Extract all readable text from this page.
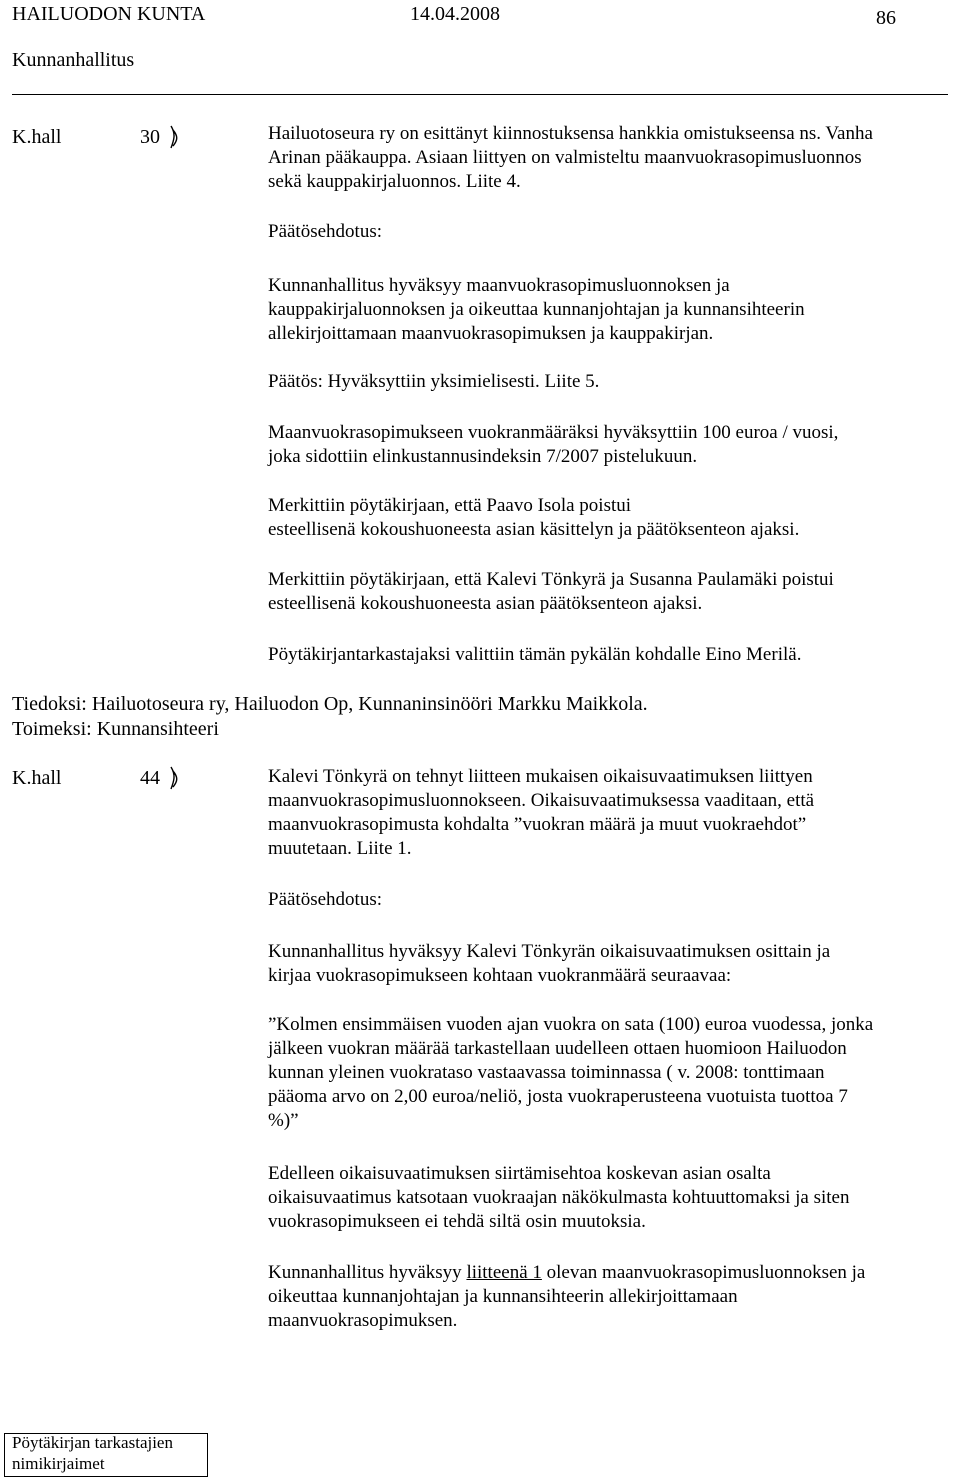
HAILUODON KUNTA	14.04.2008	86
Kunnanhallitus
K.hall	30	Hailuotoseura ry on esittänyt kiinnostuksensa hankkia omistukseensa ns. Vanha

Arinan pääkauppa. Asiaan liittyen on valmisteltu maanvuokrasopimusluonnos

sekä kauppakirjaluonnos. Liite 4.

Päätösehdotus:

Kunnanhallitus hyväksyy maanvuokrasopimusluonnoksen ja

kauppakirjaluonnoksen ja oikeuttaa kunnanjohtajan ja kunnansihteerin

allekirjoittamaan maanvuokrasopimuksen ja kauppakirjan.

Päätös: Hyväksyttiin yksimielisesti. Liite 5.

Maanvuokrasopimukseen vuokranmääräksi hyväksyttiin 100 euroa / vuosi,

joka sidottiin elinkustannusindeksin 7/2007 pistelukuun.

Merkittiin pöytäkirjaan, että Paavo Isola poistui

esteellisenä kokoushuoneesta asian käsittelyn ja päätöksenteon ajaksi.

Merkittiin pöytäkirjaan, että Kalevi Tönkyrä ja Susanna Paulamäki poistui

esteellisenä kokoushuoneesta asian päätöksenteon ajaksi.

Pöytäkirjantarkastajaksi valittiin tämän pykälän kohdalle Eino Merilä.

Tiedoksi: Hailuotoseura ry, Hailuodon Op, Kunnaninsinööri Markku Maikkola.
Toimeksi: Kunnansihteeri
K.hall	44	Kalevi Tönkyrä on tehnyt liitteen mukaisen oikaisuvaatimuksen liittyen

maanvuokrasopimusluonnokseen. Oikaisuvaatimuksessa vaaditaan, että

maanvuokrasopimusta kohdalta ”vuokran määrä ja muut vuokraehdot”

muutetaan. Liite 1.

Päätösehdotus:

Kunnanhallitus hyväksyy Kalevi Tönkyrän oikaisuvaatimuksen osittain ja

kirjaa vuokrasopimukseen kohtaan vuokranmäärä seuraavaa:

”Kolmen ensimmäisen vuoden ajan vuokra on sata (100) euroa vuodessa, jonka

jälkeen vuokran määrää tarkastellaan uudelleen ottaen huomioon Hailuodon

kunnan yleinen vuokrataso vastaavassa toiminnassa ( v. 2008: tonttimaan

pääoma arvo on 2,00 euroa/neliö, josta vuokraperusteena vuotuista tuottoa 7

%)”

Edelleen oikaisuvaatimuksen siirtämisehtoa koskevan asian osalta

oikaisuvaatimus katsotaan vuokraajan näkökulmasta kohtuuttomaksi ja siten

vuokrasopimukseen ei tehdä siltä osin muutoksia.

Kunnanhallitus hyväksyy liitteenä 1 olevan maanvuokrasopimusluonnoksen ja

oikeuttaa kunnanjohtajan ja kunnansihteerin allekirjoittamaan

maanvuokrasopimuksen.

Pöytäkirjan tarkastajien
nimikirjaimet
